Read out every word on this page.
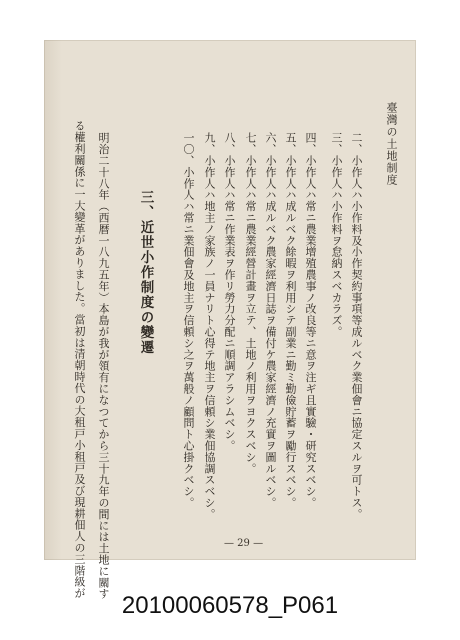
臺灣の土地制度
二、小作人ハ小作料及小作契約事項等成ルベク業佃會ニ協定スルヲ可トス。
三、小作人ハ小作料ヲ怠納スベカラズ。
四、小作人ハ常ニ農業增殖農事ノ改良等ニ意ヲ注ギ且實驗・研究スベシ。
五、小作人ハ成ルベク餘暇ヲ利用シテ副業ニ勤ミ勤儉貯蓄ヲ勵行スベシ。
六、小作人ハ成ルベク農家經濟日誌ヲ備付ケ農家經濟ノ充實ヲ圖ルベシ。
七、小作人ハ常ニ農業經營計畫ヲ立テ、土地ノ利用ヲヨクスベシ。
八、小作人ハ常ニ作業表ヲ作リ勞力分配ニ順調アラシムベシ。
九、小作人ハ地主ノ家族ノ一員ナリト心得テ地主ヲ信頼シ業佃協調スベシ。
一〇、小作人ハ常ニ業佃會及地主ヲ信頼シ之ヲ萬般ノ顧問ト心掛クベシ。
三、近世小作制度の變遷
明治二十八年（西暦一八九五年）本島が我が領有になつてから三十九年の間には土地に關す
る權利關係に一大變革がありました。當初は清朝時代の大租戸小租戸及び現耕佃人の三階級が	— 29 —
20100060578_P061
